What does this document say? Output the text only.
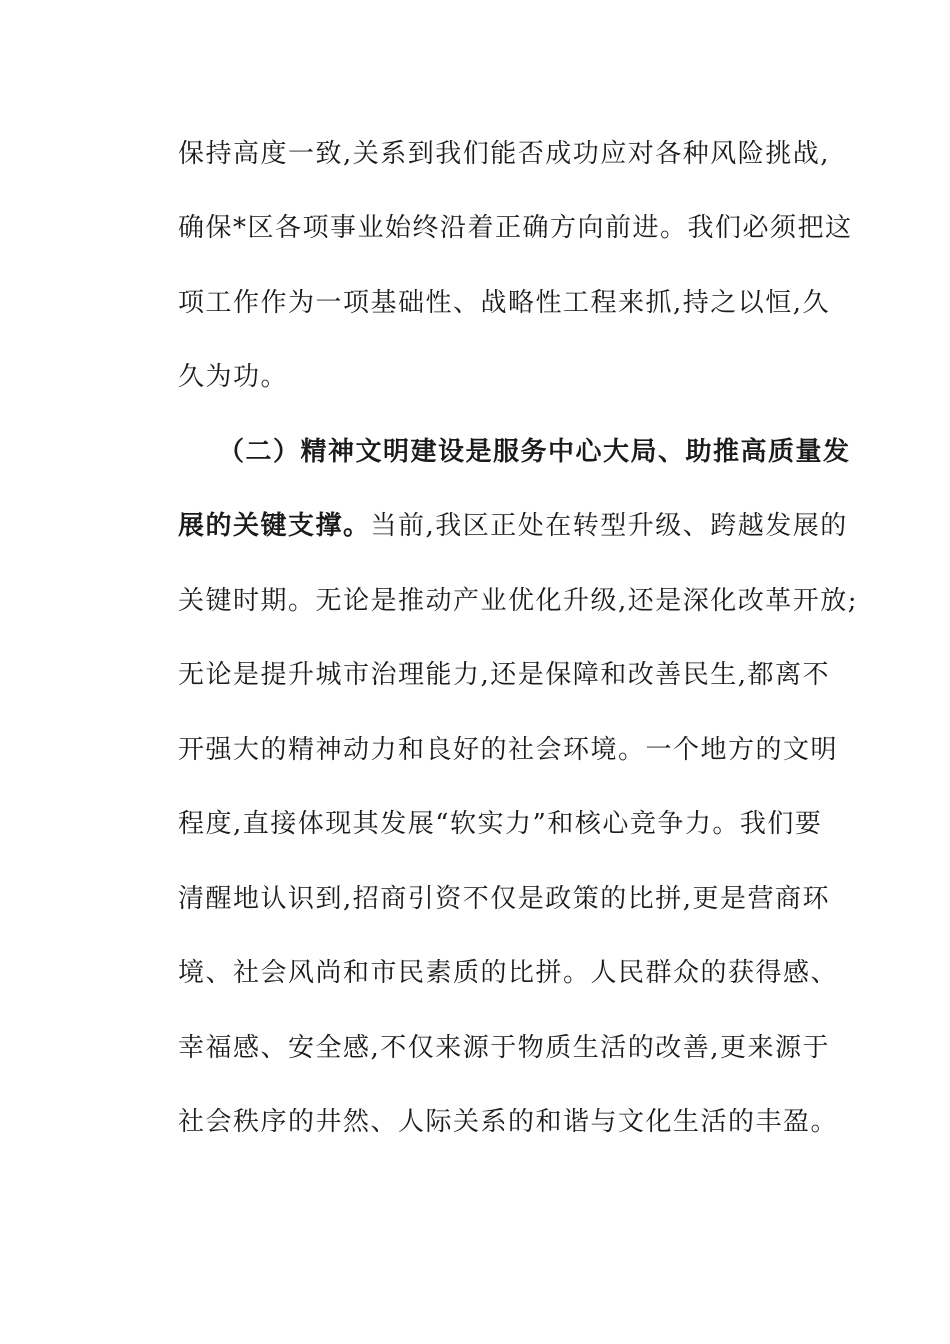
保持高度一致,关系到我们能否成功应对各种风险挑战,
确保*区各项事业始终沿着正确方向前进。我们必须把这
项工作作为一项基础性、战略性工程来抓,持之以恒,久
久为功。
（二）精神文明建设是服务中心大局、助推高质量发
展的关键支撑。当前,我区正处在转型升级、跨越发展的
关键时期。无论是推动产业优化升级,还是深化改革开放;
无论是提升城市治理能力,还是保障和改善民生,都离不
开强大的精神动力和良好的社会环境。一个地方的文明
程度,直接体现其发展“软实力”和核心竞争力。我们要
清醒地认识到,招商引资不仅是政策的比拼,更是营商环
境、社会风尚和市民素质的比拼。人民群众的获得感、
幸福感、安全感,不仅来源于物质生活的改善,更来源于
社会秩序的井然、人际关系的和谐与文化生活的丰盈。
